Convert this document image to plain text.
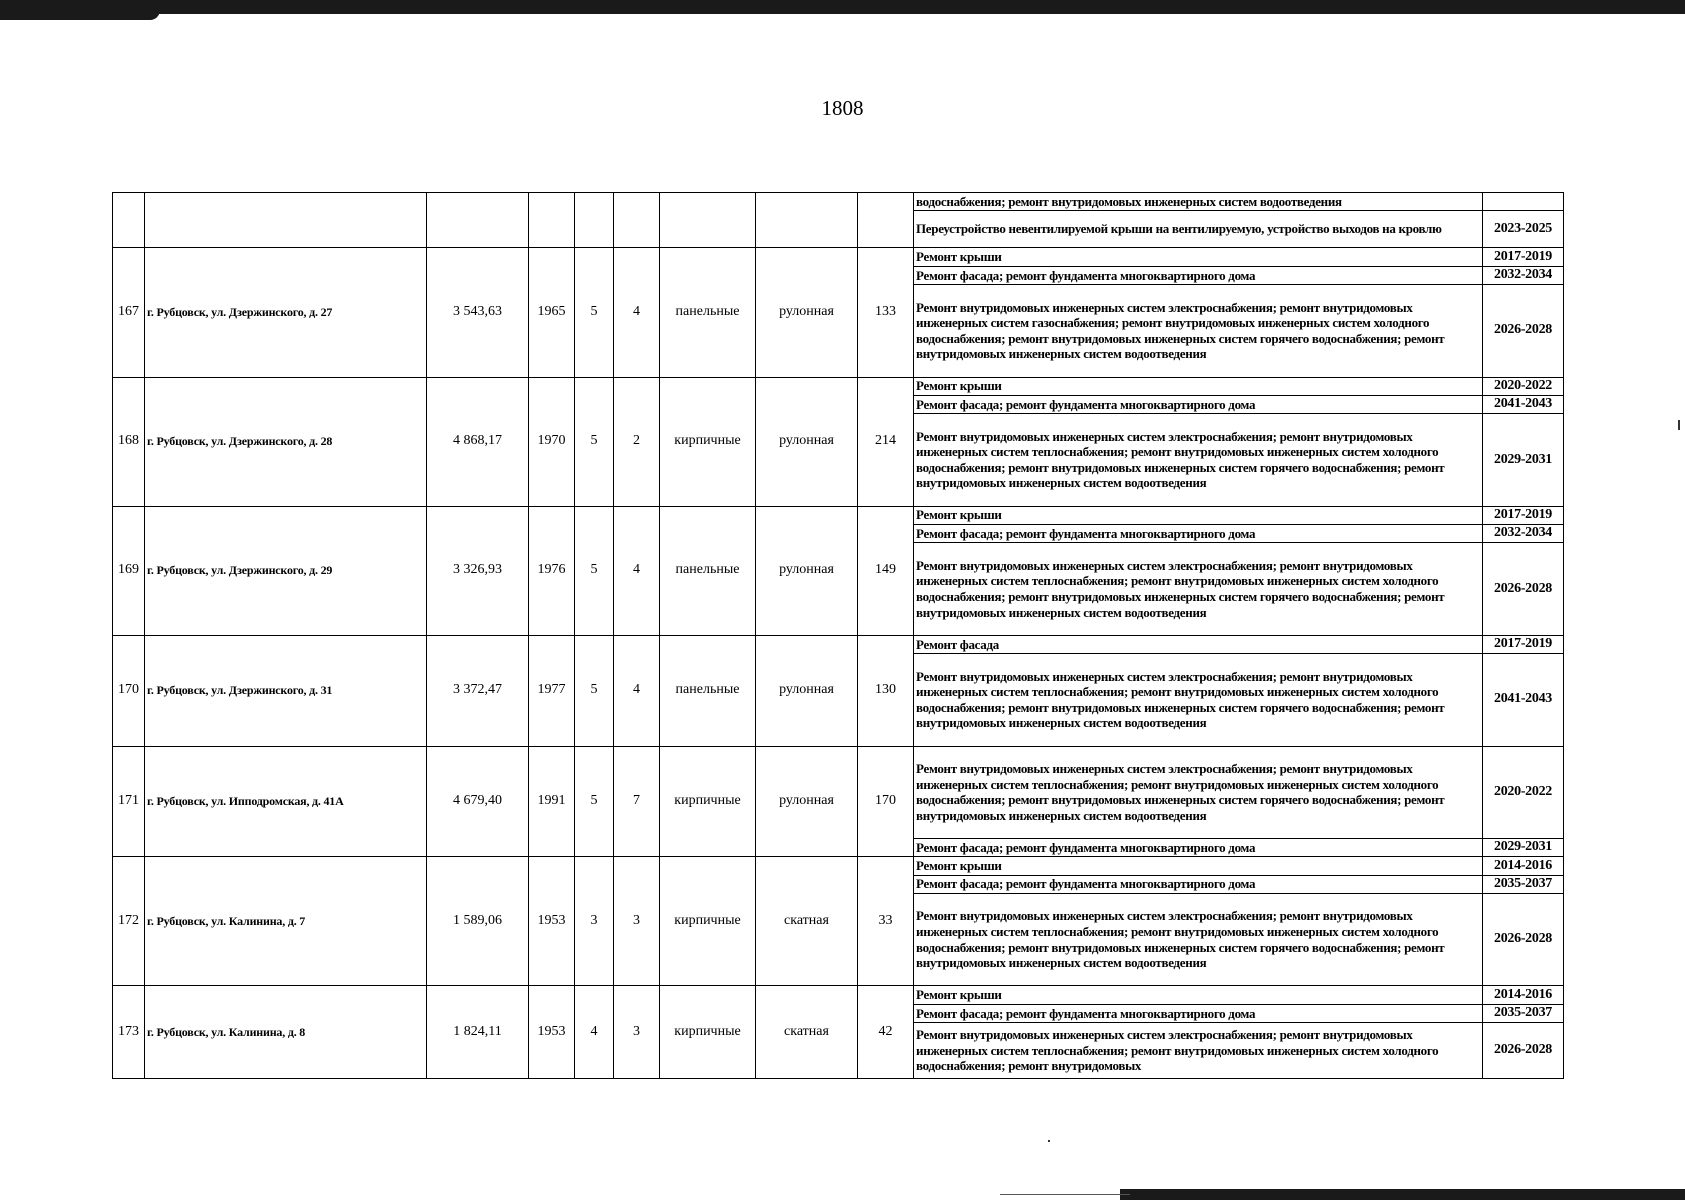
1808
									водоснабжения; ремонт внутридомовых инженерных систем водоотведения	
									Переустройство невентилируемой крыши на вентилируемую, устройство выходов на кровлю	2023-2025
167	г. Рубцовск, ул. Дзержинского, д. 27	3 543,63	1965	5	4	панельные	рулонная	133	Ремонт крыши	2017-2019
									Ремонт фасада; ремонт фундамента многоквартирного дома	2032-2034
									Ремонт внутридомовых инженерных систем электроснабжения; ремонт внутридомовых инженерных систем газоснабжения; ремонт внутридомовых инженерных систем холодного водоснабжения; ремонт внутридомовых инженерных систем горячего водоснабжения; ремонт внутридомовых инженерных систем водоотведения	2026-2028
168	г. Рубцовск, ул. Дзержинского, д. 28	4 868,17	1970	5	2	кирпичные	рулонная	214	Ремонт крыши	2020-2022
									Ремонт фасада; ремонт фундамента многоквартирного дома	2041-2043
									Ремонт внутридомовых инженерных систем электроснабжения; ремонт внутридомовых инженерных систем теплоснабжения; ремонт внутридомовых инженерных систем холодного водоснабжения; ремонт внутридомовых инженерных систем горячего водоснабжения; ремонт внутридомовых инженерных систем водоотведения	2029-2031
169	г. Рубцовск, ул. Дзержинского, д. 29	3 326,93	1976	5	4	панельные	рулонная	149	Ремонт крыши	2017-2019
									Ремонт фасада; ремонт фундамента многоквартирного дома	2032-2034
									Ремонт внутридомовых инженерных систем электроснабжения; ремонт внутридомовых инженерных систем теплоснабжения; ремонт внутридомовых инженерных систем холодного водоснабжения; ремонт внутридомовых инженерных систем горячего водоснабжения; ремонт внутридомовых инженерных систем водоотведения	2026-2028
170	г. Рубцовск, ул. Дзержинского, д. 31	3 372,47	1977	5	4	панельные	рулонная	130	Ремонт фасада	2017-2019
									Ремонт внутридомовых инженерных систем электроснабжения; ремонт внутридомовых инженерных систем теплоснабжения; ремонт внутридомовых инженерных систем холодного водоснабжения; ремонт внутридомовых инженерных систем горячего водоснабжения; ремонт внутридомовых инженерных систем водоотведения	2041-2043
171	г. Рубцовск, ул. Ипподромская, д. 41А	4 679,40	1991	5	7	кирпичные	рулонная	170	Ремонт внутридомовых инженерных систем электроснабжения; ремонт внутридомовых инженерных систем теплоснабжения; ремонт внутридомовых инженерных систем холодного водоснабжения; ремонт внутридомовых инженерных систем горячего водоснабжения; ремонт внутридомовых инженерных систем водоотведения	2020-2022
									Ремонт фасада; ремонт фундамента многоквартирного дома	2029-2031
172	г. Рубцовск, ул. Калинина, д. 7	1 589,06	1953	3	3	кирпичные	скатная	33	Ремонт крыши	2014-2016
									Ремонт фасада; ремонт фундамента многоквартирного дома	2035-2037
									Ремонт внутридомовых инженерных систем электроснабжения; ремонт внутридомовых инженерных систем теплоснабжения; ремонт внутридомовых инженерных систем холодного водоснабжения; ремонт внутридомовых инженерных систем горячего водоснабжения; ремонт внутридомовых инженерных систем водоотведения	2026-2028
173	г. Рубцовск, ул. Калинина, д. 8	1 824,11	1953	4	3	кирпичные	скатная	42	Ремонт крыши	2014-2016
									Ремонт фасада; ремонт фундамента многоквартирного дома	2035-2037
									Ремонт внутридомовых инженерных систем электроснабжения; ремонт внутридомовых инженерных систем теплоснабжения; ремонт внутридомовых инженерных систем холодного водоснабжения; ремонт внутридомовых	2026-2028
